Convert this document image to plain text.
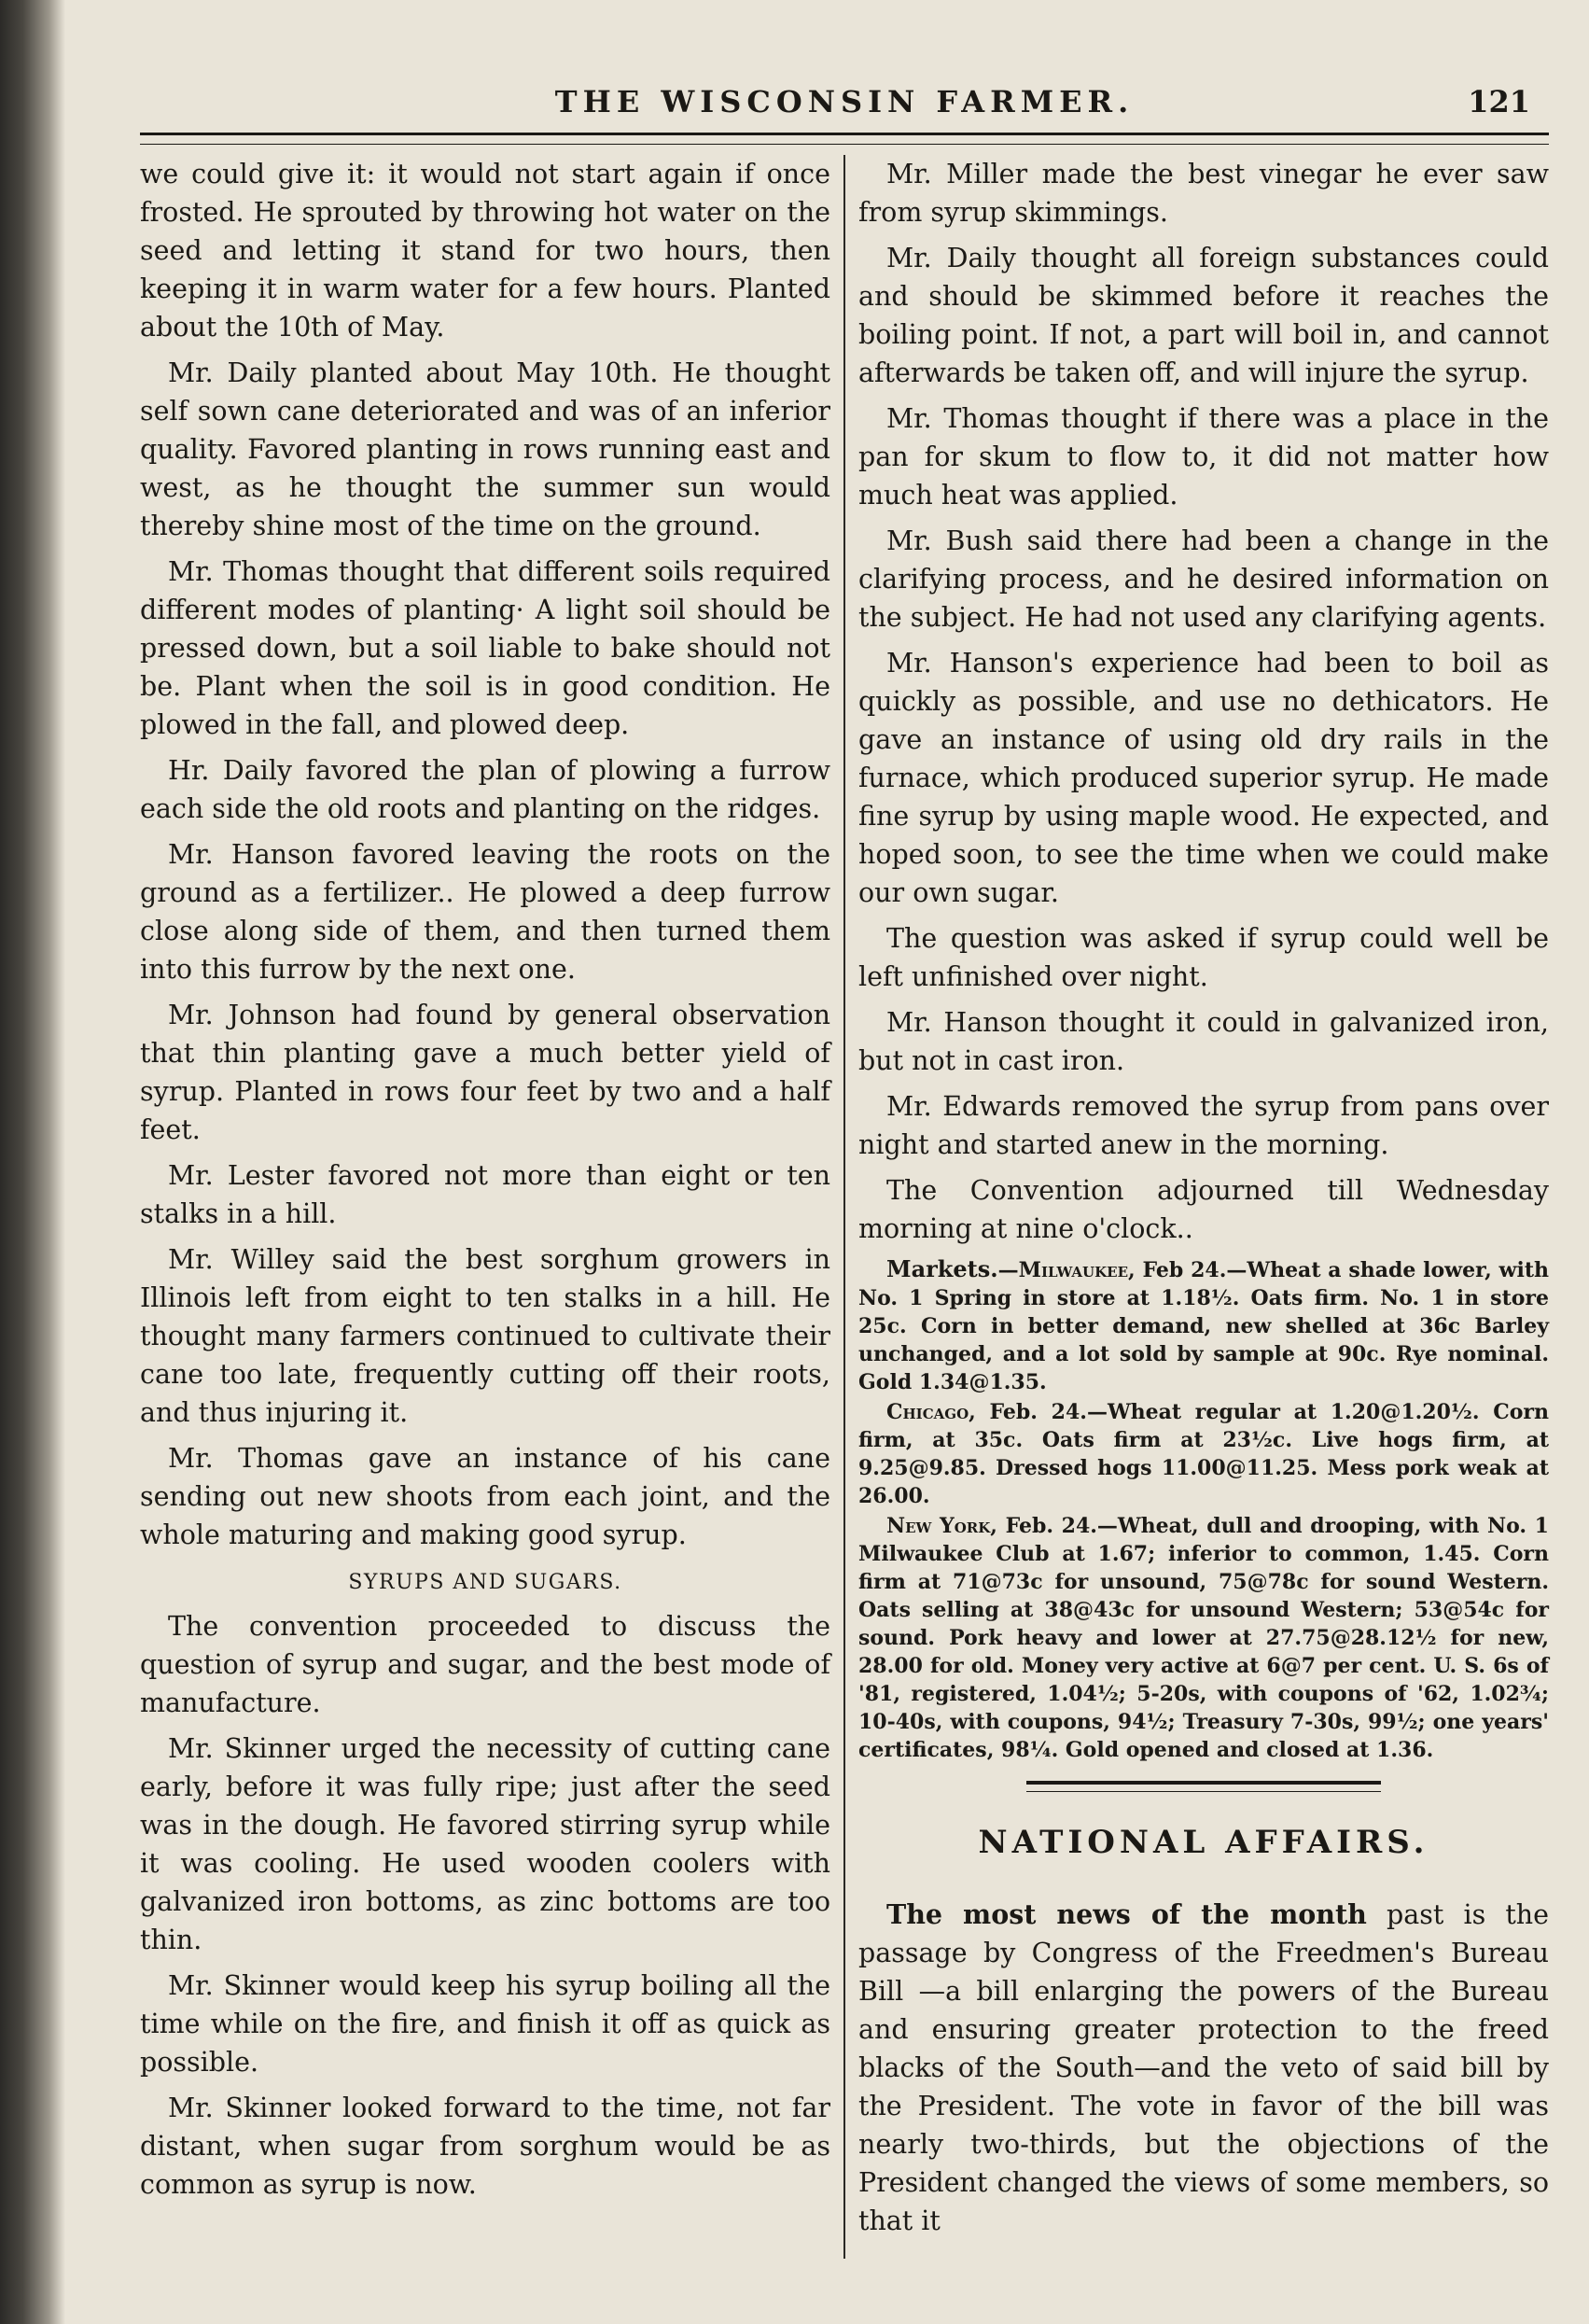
THE WISCONSIN FARMER.	121

we could give it: it would not start again if once frosted. He sprouted by throwing hot water on the seed and letting it stand for two hours, then keeping it in warm water for a few hours. Planted about the 10th of May.

Mr. Daily planted about May 10th. He thought self sown cane deteriorated and was of an inferior quality. Favored planting in rows running east and west, as he thought the summer sun would thereby shine most of the time on the ground.

Mr. Thomas thought that different soils required different modes of planting· A light soil should be pressed down, but a soil liable to bake should not be. Plant when the soil is in good condition. He plowed in the fall, and plowed deep.

Hr. Daily favored the plan of plowing a furrow each side the old roots and planting on the ridges.

Mr. Hanson favored leaving the roots on the ground as a fertilizer.. He plowed a deep furrow close along side of them, and then turned them into this furrow by the next one.

Mr. Johnson had found by general observation that thin planting gave a much better yield of syrup. Planted in rows four feet by two and a half feet.

Mr. Lester favored not more than eight or ten stalks in a hill.

Mr. Willey said the best sorghum growers in Illinois left from eight to ten stalks in a hill. He thought many farmers continued to cultivate their cane too late, frequently cutting off their roots, and thus injuring it.

Mr. Thomas gave an instance of his cane sending out new shoots from each joint, and the whole maturing and making good syrup.

SYRUPS AND SUGARS.

The convention proceeded to discuss the question of syrup and sugar, and the best mode of manufacture.

Mr. Skinner urged the necessity of cutting cane early, before it was fully ripe; just after the seed was in the dough. He favored stirring syrup while it was cooling. He used wooden coolers with galvanized iron bottoms, as zinc bottoms are too thin.

Mr. Skinner would keep his syrup boiling all the time while on the fire, and finish it off as quick as possible.

Mr. Skinner looked forward to the time, not far distant, when sugar from sorghum would be as common as syrup is now.

Mr. Miller made the best vinegar he ever saw from syrup skimmings.

Mr. Daily thought all foreign substances could and should be skimmed before it reaches the boiling point. If not, a part will boil in, and cannot afterwards be taken off, and will injure the syrup.

Mr. Thomas thought if there was a place in the pan for skum to flow to, it did not matter how much heat was applied.

Mr. Bush said there had been a change in the clarifying process, and he desired information on the subject. He had not used any clarifying agents.

Mr. Hanson's experience had been to boil as quickly as possible, and use no dethicators. He gave an instance of using old dry rails in the furnace, which produced superior syrup. He made fine syrup by using maple wood. He expected, and hoped soon, to see the time when we could make our own sugar.

The question was asked if syrup could well be left unfinished over night.

Mr. Hanson thought it could in galvanized iron, but not in cast iron.

Mr. Edwards removed the syrup from pans over night and started anew in the morning.

The Convention adjourned till Wednesday morning at nine o'clock..

Markets.—Milwaukee, Feb 24.—Wheat a shade lower, with No. 1 Spring in store at 1.18½. Oats firm. No. 1 in store 25c. Corn in better demand, new shelled at 36c Barley unchanged, and a lot sold by sample at 90c. Rye nominal. Gold 1.34@1.35.

Chicago, Feb. 24.—Wheat regular at 1.20@1.20½. Corn firm, at 35c. Oats firm at 23½c. Live hogs firm, at 9.25@9.85. Dressed hogs 11.00@11.25. Mess pork weak at 26.00.

New York, Feb. 24.—Wheat, dull and drooping, with No. 1 Milwaukee Club at 1.67; inferior to common, 1.45. Corn firm at 71@73c for unsound, 75@78c for sound Western. Oats selling at 38@43c for unsound Western; 53@54c for sound. Pork heavy and lower at 27.75@28.12½ for new, 28.00 for old. Money very active at 6@7 per cent. U. S. 6s of '81, registered, 1.04½; 5-20s, with coupons of '62, 1.02¾; 10-40s, with coupons, 94½; Treasury 7-30s, 99½; one years' certificates, 98¼. Gold opened and closed at 1.36.

NATIONAL AFFAIRS.

The most news of the month past is the passage by Congress of the Freedmen's Bureau Bill —a bill enlarging the powers of the Bureau and ensuring greater protection to the freed blacks of the South—and the veto of said bill by the President. The vote in favor of the bill was nearly two-thirds, but the objections of the President changed the views of some members, so that it
